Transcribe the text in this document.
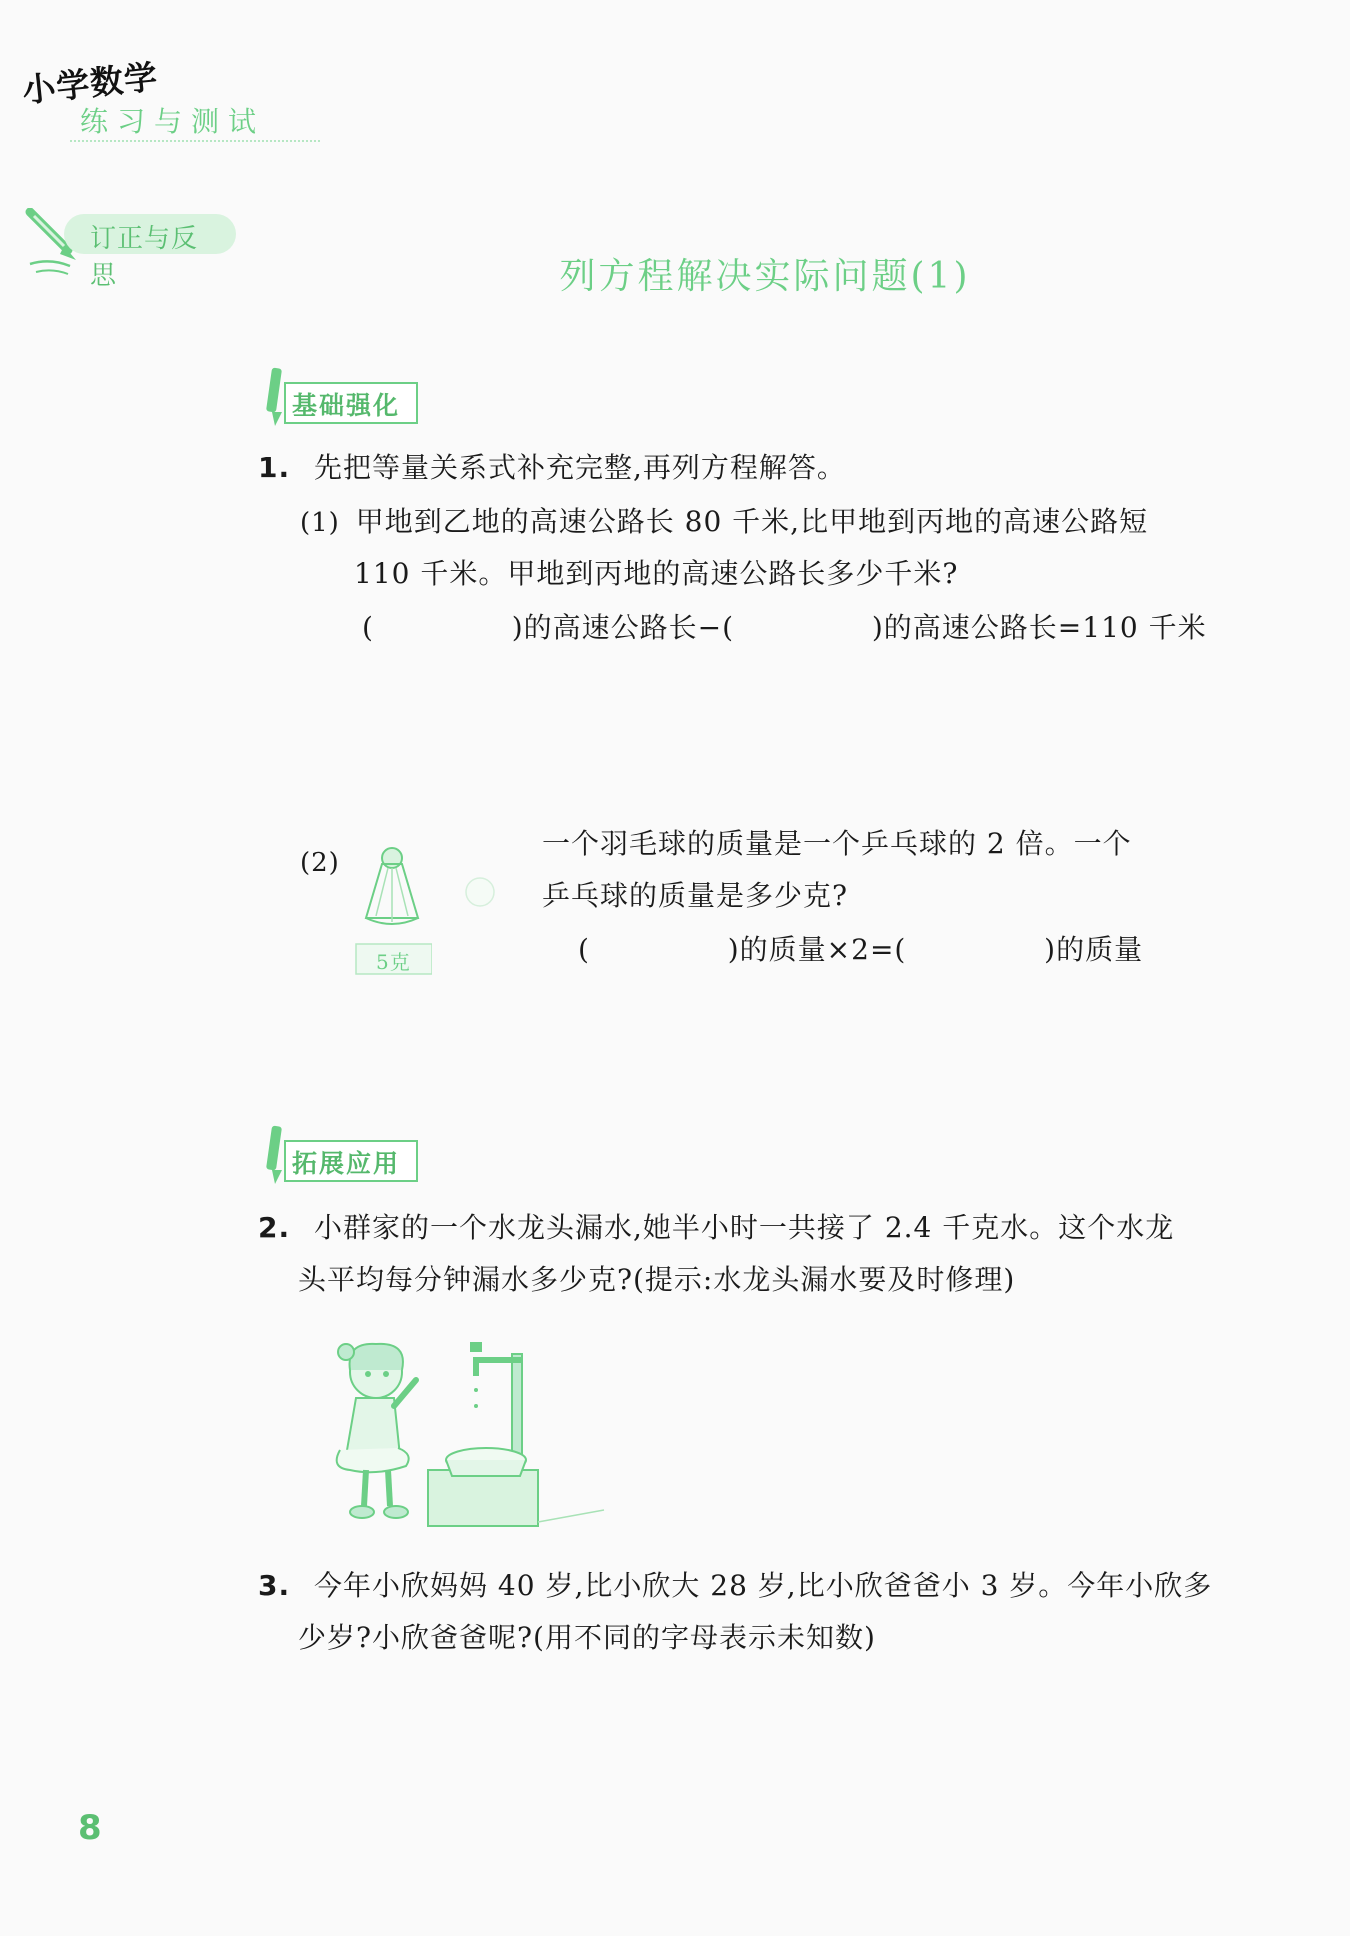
小学数学
练习与测试
订正与反思	列方程解决实际问题(1)
基础强化
1. 先把等量关系式补充完整,再列方程解答。
(1) 甲地到乙地的高速公路长 80 千米,比甲地到丙地的高速公路短
110 千米。甲地到丙地的高速公路长多少千米?
(	)的高速公路长−(	)的高速公路长=110 千米
(2)
5克
一个羽毛球的质量是一个乒乓球的 2 倍。一个
乒乓球的质量是多少克?
(	)的质量×2=(	)的质量
拓展应用
2. 小群家的一个水龙头漏水,她半小时一共接了 2.4 千克水。这个水龙
头平均每分钟漏水多少克?(提示:水龙头漏水要及时修理)
3. 今年小欣妈妈 40 岁,比小欣大 28 岁,比小欣爸爸小 3 岁。今年小欣多
少岁?小欣爸爸呢?(用不同的字母表示未知数)
8
